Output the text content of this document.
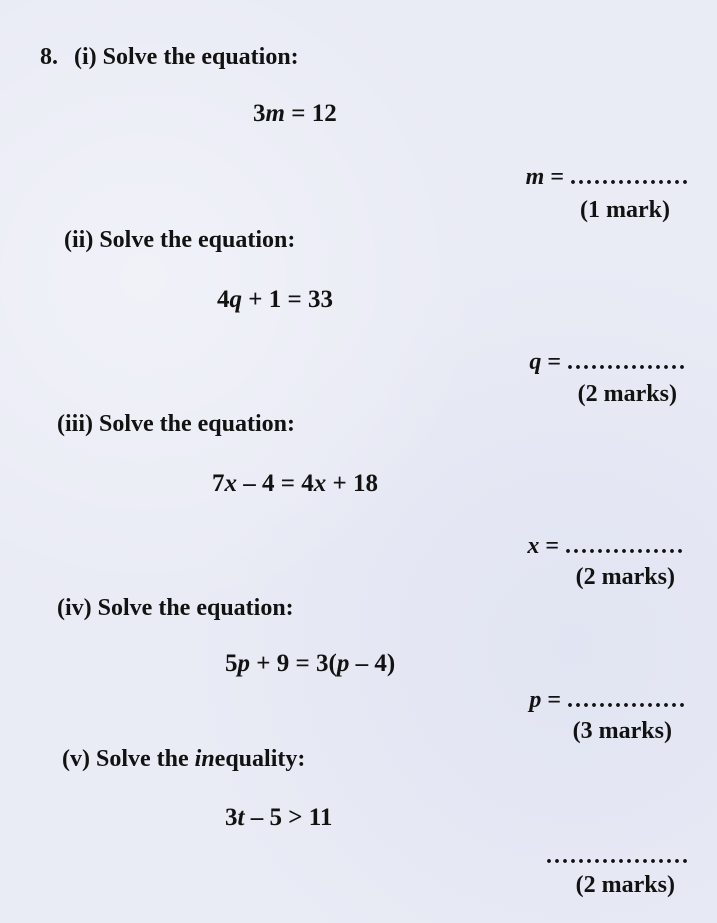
8. (i) Solve the equation:
3m = 12
m = ...............
(1 mark)
(ii) Solve the equation:
4q + 1 = 33
q = ...............
(2 marks)
(iii) Solve the equation:
7x – 4 = 4x + 18
x = ...............
(2 marks)
(iv) Solve the equation:
5p + 9 = 3(p – 4)
p = ...............
(3 marks)
(v) Solve the inequality:
3t – 5 > 11
..................
(2 marks)
